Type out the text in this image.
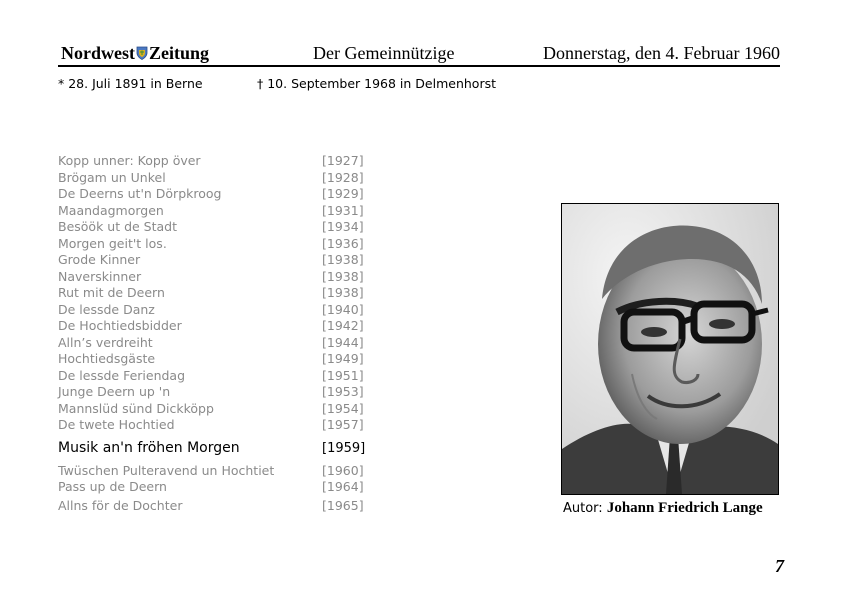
Nordwest Zeitung	Der Gemeinnützige	Donnerstag, den 4. Februar 1960
* 28. Juli 1891 in Berne	† 10. September 1968 in Delmenhorst
Kopp unner: Kopp över	[1927]
Brögam un Unkel	[1928]
De Deerns ut'n Dörpkroog	[1929]
Maandagmorgen	[1931]
Besöök ut de Stadt	[1934]
Morgen geit't los.	[1936]
Grode Kinner	[1938]
Naverskinner	[1938]
Rut mit de Deern	[1938]
De lessde Danz	[1940]
De Hochtiedsbidder	[1942]
Alln’s verdreiht	[1944]
Hochtiedsgäste	[1949]
De lessde Feriendag	[1951]
Junge Deern up 'n	[1953]
Mannslüd sünd Dickköpp	[1954]
De twete Hochtied	[1957]
Musik an'n fröhen Morgen	[1959]
Twüschen Pulteravend un Hochtiet	[1960]
Pass up de Deern	[1964]
Allns för de Dochter	[1965]	Autor: Johann Friedrich Lange
7
